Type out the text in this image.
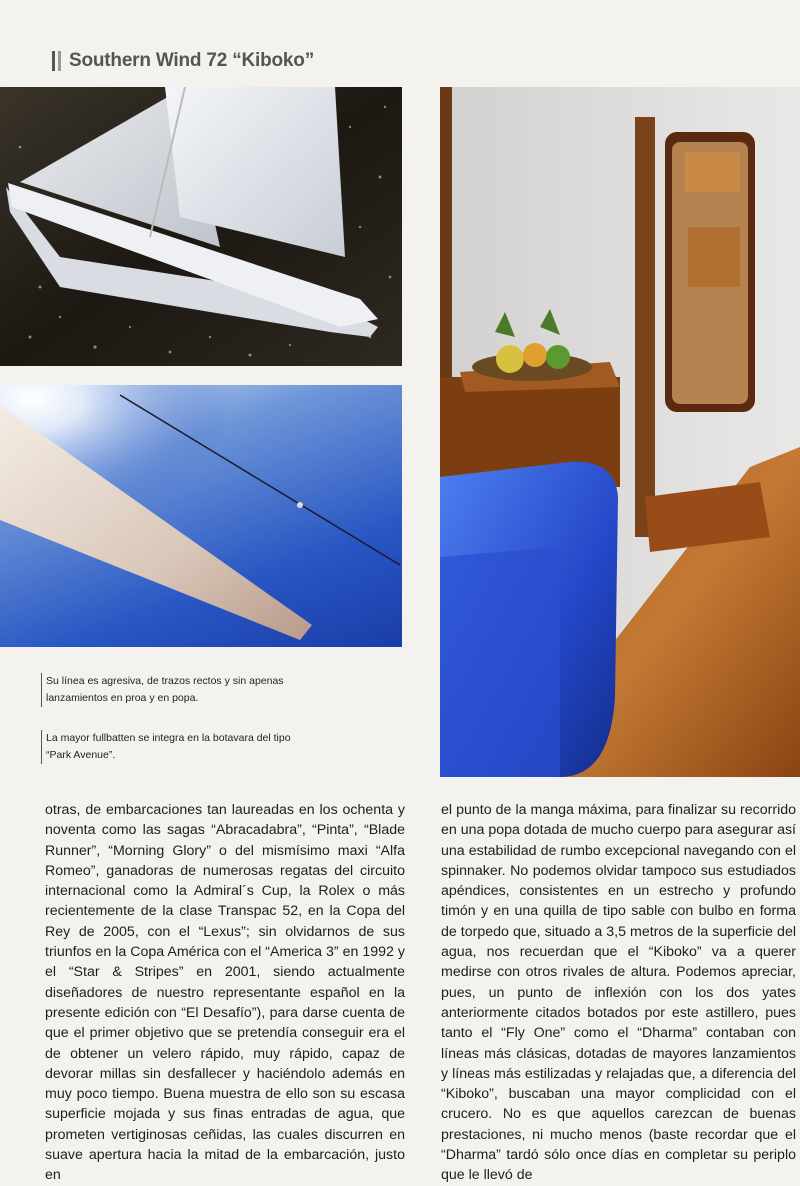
Southern Wind 72 “Kiboko”
Su línea es agresiva, de trazos rectos y sin apenas lanzamientos en proa y en popa.
La mayor fullbatten se integra en la botavara del tipo “Park Avenue”.
otras, de embarcaciones tan laureadas en los ochenta y noventa como las sagas “Abracadabra”, “Pinta”, “Blade Runner”, “Morning Glory” o del mismísimo maxi “Alfa Romeo”, ganadoras de numerosas regatas del circuito internacional como la Admiral´s Cup, la Rolex o más recientemente de la clase Transpac 52, en la Copa del Rey de 2005, con el “Lexus”; sin olvidarnos de sus triunfos en la Copa América con el “America 3” en 1992 y el “Star & Stripes” en 2001, siendo actualmente diseñadores de nuestro representante español en la presente edición con “El Desafío”), para darse cuenta de que el primer objetivo que se pretendía conseguir era el de obtener un velero rápido, muy rápido, capaz de devorar millas sin desfallecer y haciéndolo además en muy poco tiempo. Buena muestra de ello son su escasa superficie mojada y sus finas entradas de agua, que prometen vertiginosas ceñidas, las cuales discurren en suave apertura hacia la mitad de la embarcación, justo en
el punto de la manga máxima, para finalizar su recorrido en una popa dotada de mucho cuerpo para asegurar así una estabilidad de rumbo excepcional navegando con el spinnaker. No podemos olvidar tampoco sus estudiados apéndices, consistentes en un estrecho y profundo timón y en una quilla de tipo sable con bulbo en forma de torpedo que, situado a 3,5 metros de la superficie del agua, nos recuerdan que el “Kiboko” va a querer medirse con otros rivales de altura. Podemos apreciar, pues, un punto de inflexión con los dos yates anteriormente citados botados por este astillero, pues tanto el “Fly One” como el “Dharma” contaban con líneas más clásicas, dotadas de mayores lanzamientos y líneas más estilizadas y relajadas que, a diferencia del “Kiboko”, buscaban una mayor complicidad con el crucero. No es que aquellos carezcan de buenas prestaciones, ni mucho menos (baste recordar que el “Dharma” tardó sólo once días en completar su periplo que le llevó de
